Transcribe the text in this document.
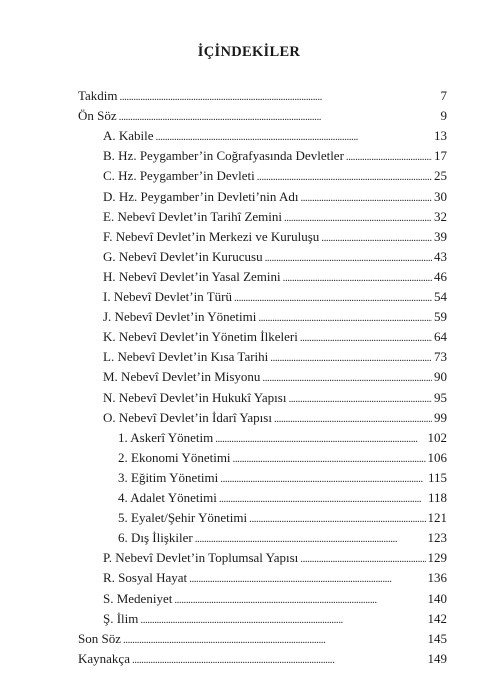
İÇİNDEKİLER
Takdim . . .	7
Ön Söz . . .	9
A. Kabile . . .	13
B. Hz. Peygamber’in Coğrafyasında Devletler . . .	17
C. Hz. Peygamber’in Devleti . . .	25
D. Hz. Peygamber’in Devleti’nin Adı . . .	30
E. Nebevî Devlet’in Tarihî Zemini . . .	32
F. Nebevî Devlet’in Merkezi ve Kuruluşu . . .	39
G. Nebevî Devlet’in Kurucusu . . .	43
H. Nebevî Devlet’in Yasal Zemini . . .	46
I. Nebevî Devlet’in Türü . . .	54
J. Nebevî Devlet’in Yönetimi . . .	59
K. Nebevî Devlet’in Yönetim İlkeleri . . .	64
L. Nebevî Devlet’in Kısa Tarihi . . .	73
M. Nebevî Devlet’in Misyonu . . .	90
N. Nebevî Devlet’in Hukukî Yapısı . . .	95
O. Nebevî Devlet’in İdarî Yapısı . . .	99
1. Askerî Yönetim . . .	102
2. Ekonomi Yönetimi . . .	106
3. Eğitim Yönetimi . . .	115
4. Adalet Yönetimi . . .	118
5. Eyalet/Şehir Yönetimi . . .	121
6. Dış İlişkiler . . .	123
P. Nebevî Devlet’in Toplumsal Yapısı . . .	129
R. Sosyal Hayat . . .	136
S. Medeniyet . . .	140
Ş. İlim . . .	142
Son Söz . . .	145
Kaynakça . . .	149
